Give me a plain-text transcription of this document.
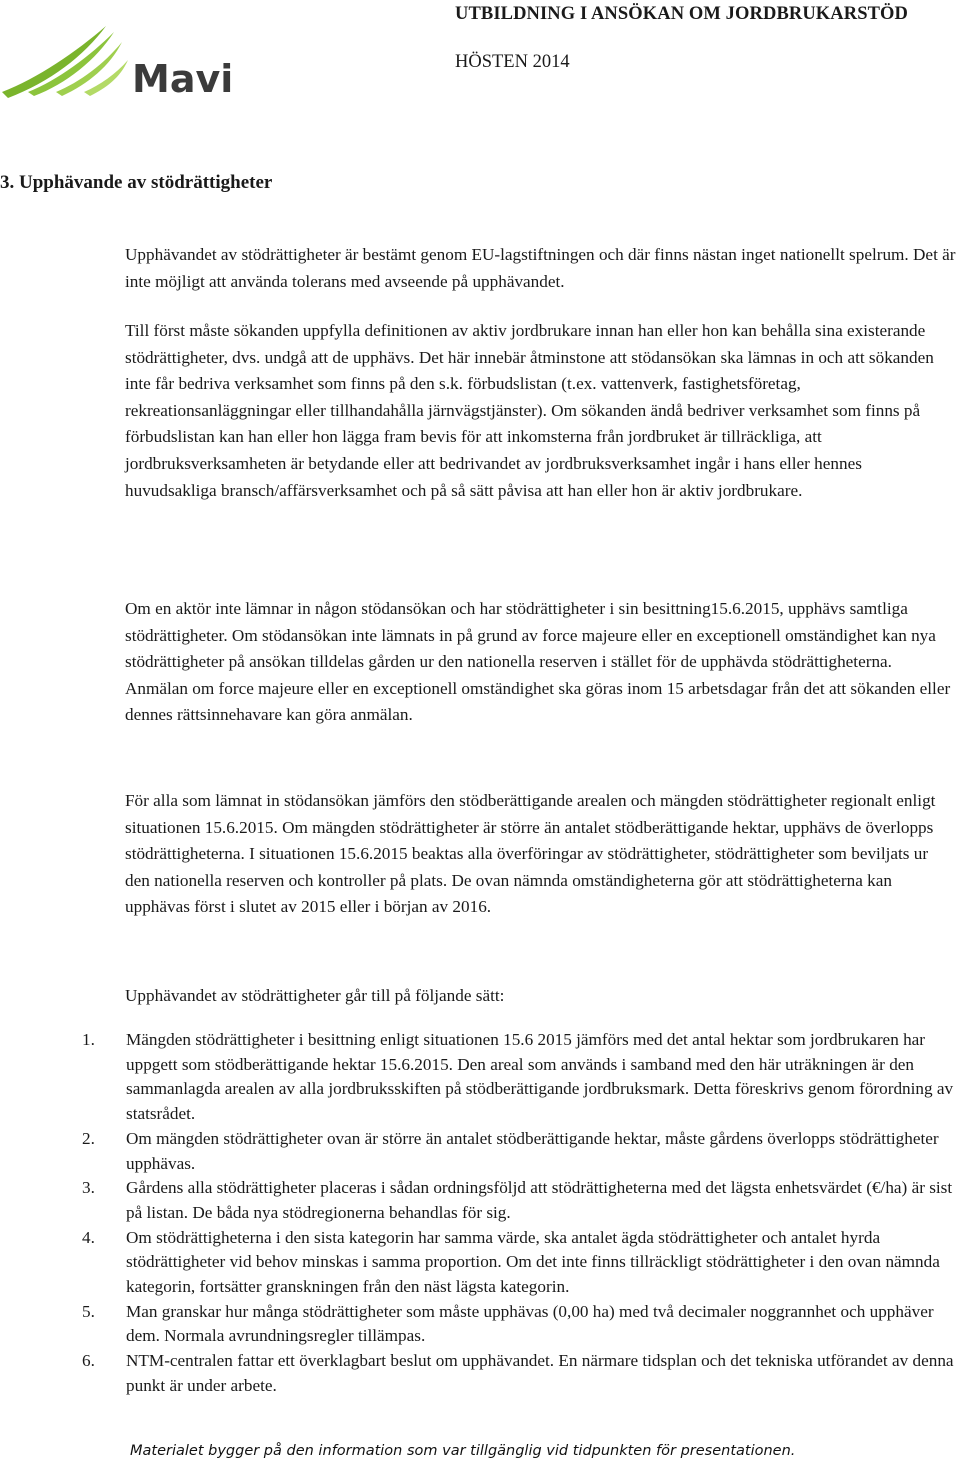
Mavi
UTBILDNING I ANSÖKAN OM JORDBRUKARSTÖD
HÖSTEN 2014
3. Upphävande av stödrättigheter

Upphävandet av stödrättigheter är bestämt genom EU-lagstiftningen och där finns nästan inget nationellt spelrum. Det är inte möjligt att använda tolerans med avseende på upphävandet.

Till först måste sökanden uppfylla definitionen av aktiv jordbrukare innan han eller hon kan behålla sina existerande stödrättigheter, dvs. undgå att de upphävs. Det här innebär åtminstone att stödansökan ska lämnas in och att sökanden inte får bedriva verksamhet som finns på den s.k. förbudslistan (t.ex. vattenverk, fastighetsföretag, rekreationsanläggningar eller tillhandahålla järnvägstjänster). Om sökanden ändå bedriver verksamhet som finns på förbudslistan kan han eller hon lägga fram bevis för att inkomsterna från jordbruket är tillräckliga, att jordbruksverksamheten är betydande eller att bedrivandet av jordbruksverksamhet ingår i hans eller hennes huvudsakliga bransch/affärsverksamhet och på så sätt påvisa att han eller hon är aktiv jordbrukare.

Om en aktör inte lämnar in någon stödansökan och har stödrättigheter i sin besittning15.6.2015, upphävs samtliga stödrättigheter. Om stödansökan inte lämnats in på grund av force majeure eller en exceptionell omständighet kan nya stödrättigheter på ansökan tilldelas gården ur den nationella reserven i stället för de upphävda stödrättigheterna. Anmälan om force majeure eller en exceptionell omständighet ska göras inom 15 arbetsdagar från det att sökanden eller dennes rättsinnehavare kan göra anmälan.

För alla som lämnat in stödansökan jämförs den stödberättigande arealen och mängden stödrättigheter regionalt enligt situationen 15.6.2015. Om mängden stödrättigheter är större än antalet stödberättigande hektar, upphävs de överlopps stödrättigheterna. I situationen 15.6.2015 beaktas alla överföringar av stödrättigheter, stödrättigheter som beviljats ur den nationella reserven och kontroller på plats. De ovan nämnda omständigheterna gör att stödrättigheterna kan upphävas först i slutet av 2015 eller i början av 2016.

Upphävandet av stödrättigheter går till på följande sätt:

1.	Mängden stödrättigheter i besittning enligt situationen 15.6 2015 jämförs med det antal hektar som jordbrukaren har uppgett som stödberättigande hektar 15.6.2015. Den areal som används i samband med den här uträkningen är den sammanlagda arealen av alla jordbruksskiften på stödberättigande jordbruksmark. Detta föreskrivs genom förordning av statsrådet.
2.	Om mängden stödrättigheter ovan är större än antalet stödberättigande hektar, måste gårdens överlopps stödrättigheter upphävas.
3.	Gårdens alla stödrättigheter placeras i sådan ordningsföljd att stödrättigheterna med det lägsta enhetsvärdet (€/ha) är sist på listan. De båda nya stödregionerna behandlas för sig.
4.	Om stödrättigheterna i den sista kategorin har samma värde, ska antalet ägda stödrättigheter och antalet hyrda stödrättigheter vid behov minskas i samma proportion. Om det inte finns tillräckligt stödrättigheter i den ovan nämnda kategorin, fortsätter granskningen från den näst lägsta kategorin.
5.	Man granskar hur många stödrättigheter som måste upphävas (0,00 ha) med två decimaler noggrannhet och upphäver dem. Normala avrundningsregler tillämpas.
6.	NTM-centralen fattar ett överklagbart beslut om upphävandet. En närmare tidsplan och det tekniska utförandet av denna punkt är under arbete.
Materialet bygger på den information som var tillgänglig vid tidpunkten för presentationen.
